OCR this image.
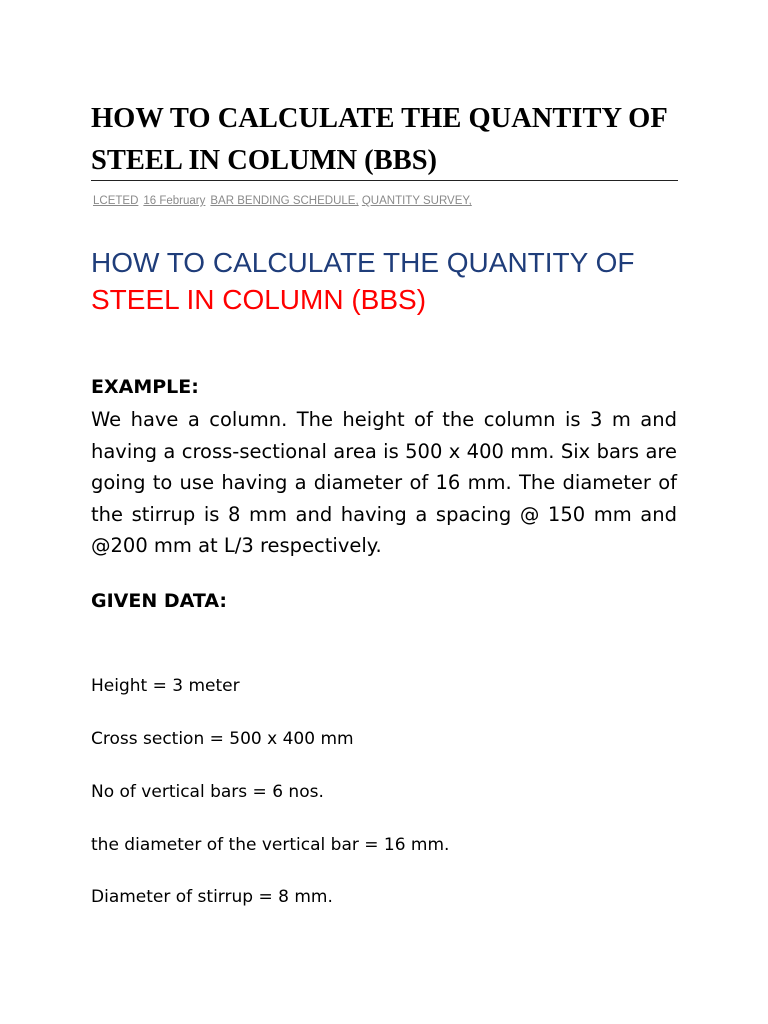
HOW TO CALCULATE THE QUANTITY OF STEEL IN COLUMN (BBS)
LCETED 16 February BAR BENDING SCHEDULE, QUANTITY SURVEY,
HOW TO CALCULATE THE QUANTITY OF STEEL IN COLUMN (BBS)

EXAMPLE:

We have a column. The height of the column is 3 m and having a cross-sectional area is 500 x 400 mm. Six bars are going to use having a diameter of 16 mm. The diameter of the stirrup is 8 mm and having a spacing @ 150 mm and @200 mm at L/3 respectively.

GIVEN DATA:

Height = 3 meter

Cross section = 500 x 400 mm

No of vertical bars = 6 nos.

the diameter of the vertical bar = 16 mm.

Diameter of stirrup = 8 mm.
